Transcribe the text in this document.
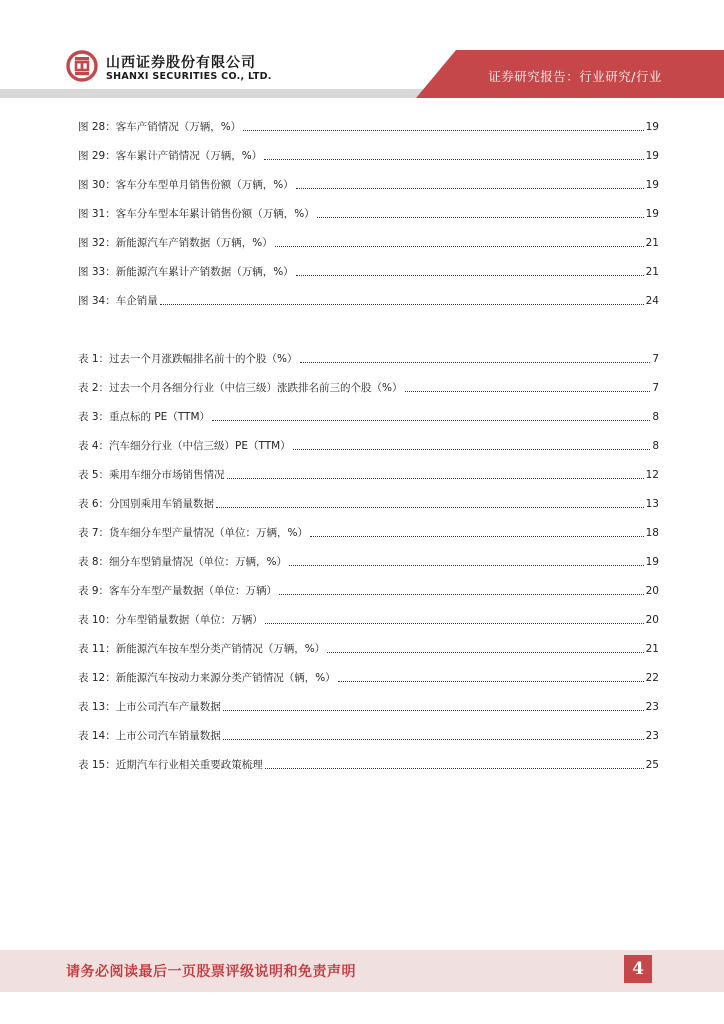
山西证券股份有限公司
SHANXI SECURITIES CO., LTD.	证券研究报告：行业研究/行业
图 28：客车产销情况（万辆，%）	19
图 29：客车累计产销情况（万辆，%）	19
图 30：客车分车型单月销售份额（万辆，%）	19
图 31：客车分车型本年累计销售份额（万辆，%）	19
图 32：新能源汽车产销数据（万辆，%）	21
图 33：新能源汽车累计产销数据（万辆，%）	21
图 34：车企销量	24
表 1：过去一个月涨跌幅排名前十的个股（%）	7
表 2：过去一个月各细分行业（中信三级）涨跌排名前三的个股（%）	7
表 3：重点标的 PE（TTM）	8
表 4：汽车细分行业（中信三级）PE（TTM）	8
表 5：乘用车细分市场销售情况	12
表 6：分国别乘用车销量数据	13
表 7：货车细分车型产量情况（单位：万辆，%）	18
表 8：细分车型销量情况（单位：万辆，%）	19
表 9：客车分车型产量数据（单位：万辆）	20
表 10：分车型销量数据（单位：万辆）	20
表 11：新能源汽车按车型分类产销情况（万辆，%）	21
表 12：新能源汽车按动力来源分类产销情况（辆，%）	22
表 13：上市公司汽车产量数据	23
表 14：上市公司汽车销量数据	23
表 15：近期汽车行业相关重要政策梳理	25
请务必阅读最后一页股票评级说明和免责声明	4
